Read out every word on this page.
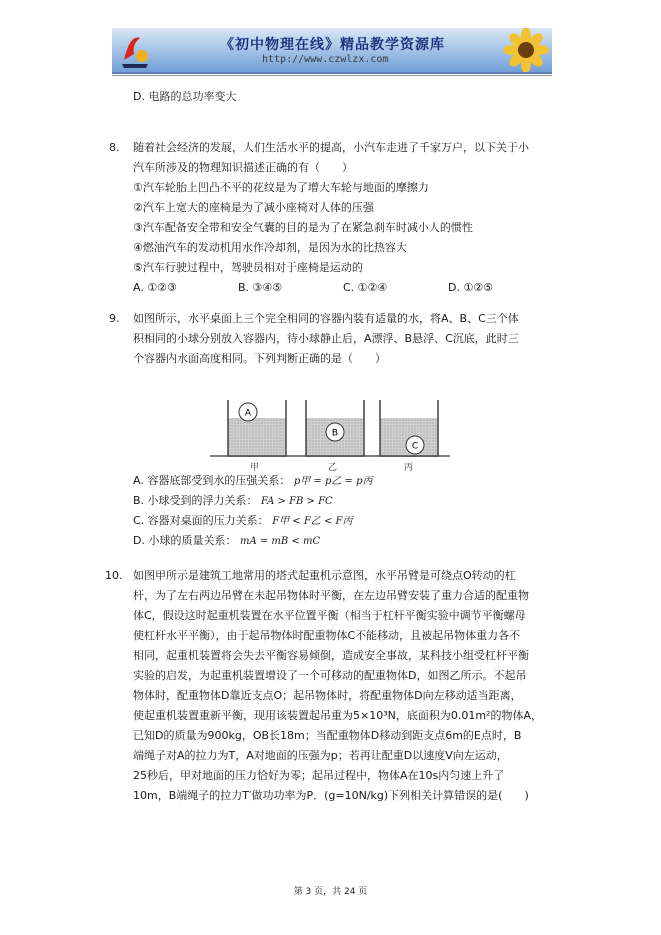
《初中物理在线》精品教学资源库
http://www.czwlzx.com
D. 电路的总功率变大
8. 随着社会经济的发展，人们生活水平的提高，小汽车走进了千家万户，以下关于小
汽车所涉及的物理知识描述正确的有（　　）
①汽车轮胎上凹凸不平的花纹是为了增大车轮与地面的摩擦力
②汽车上宽大的座椅是为了减小座椅对人体的压强
③汽车配备安全带和安全气囊的目的是为了在紧急刹车时减小人的惯性
④燃油汽车的发动机用水作冷却剂，是因为水的比热容大
⑤汽车行驶过程中，驾驶员相对于座椅是运动的
A. ①②③	B. ③④⑤	C. ①②④	D. ①②⑤
9. 如图所示，水平桌面上三个完全相同的容器内装有适量的水，将A、B、C三个体
积相同的小球分别放入容器内，待小球静止后，A漂浮、B悬浮、C沉底，此时三
个容器内水面高度相同。下列判断正确的是（　　）
A
B
C
甲	乙	丙
A. 容器底部受到水的压强关系： p甲 = p乙 = p丙
B. 小球受到的浮力关系： FA > FB > FC
C. 容器对桌面的压力关系： F甲 < F乙 < F丙
D. 小球的质量关系： mA = mB < mC
10. 如图甲所示是建筑工地常用的塔式起重机示意图，水平吊臂是可绕点O转动的杠
杆，为了左右两边吊臂在未起吊物体时平衡，在左边吊臂安装了重力合适的配重物
体C，假设这时起重机装置在水平位置平衡（相当于杠杆平衡实验中调节平衡螺母
使杠杆水平平衡），由于起吊物体时配重物体C不能移动，且被起吊物体重力各不
相同，起重机装置将会失去平衡容易倾倒，造成安全事故，某科技小组受杠杆平衡
实验的启发，为起重机装置增设了一个可移动的配重物体D，如图乙所示。不起吊
物体时，配重物体D靠近支点O；起吊物体时，将配重物体D向左移动适当距离，
使起重机装置重新平衡，现用该装置起吊重为5×10³N，底面积为0.01m²的物体A，
已知D的质量为900kg，OB长18m；当配重物体D移动到距支点6m的E点时，B
端绳子对A的拉力为T，A对地面的压强为p；若再让配重D以速度V向左运动，
25秒后，甲对地面的压力恰好为零；起吊过程中，物体A在10s内匀速上升了
10m，B端绳子的拉力T′做功功率为P．(g=10N/kg)下列相关计算错误的是(　　)
第 3 页，共 24 页
